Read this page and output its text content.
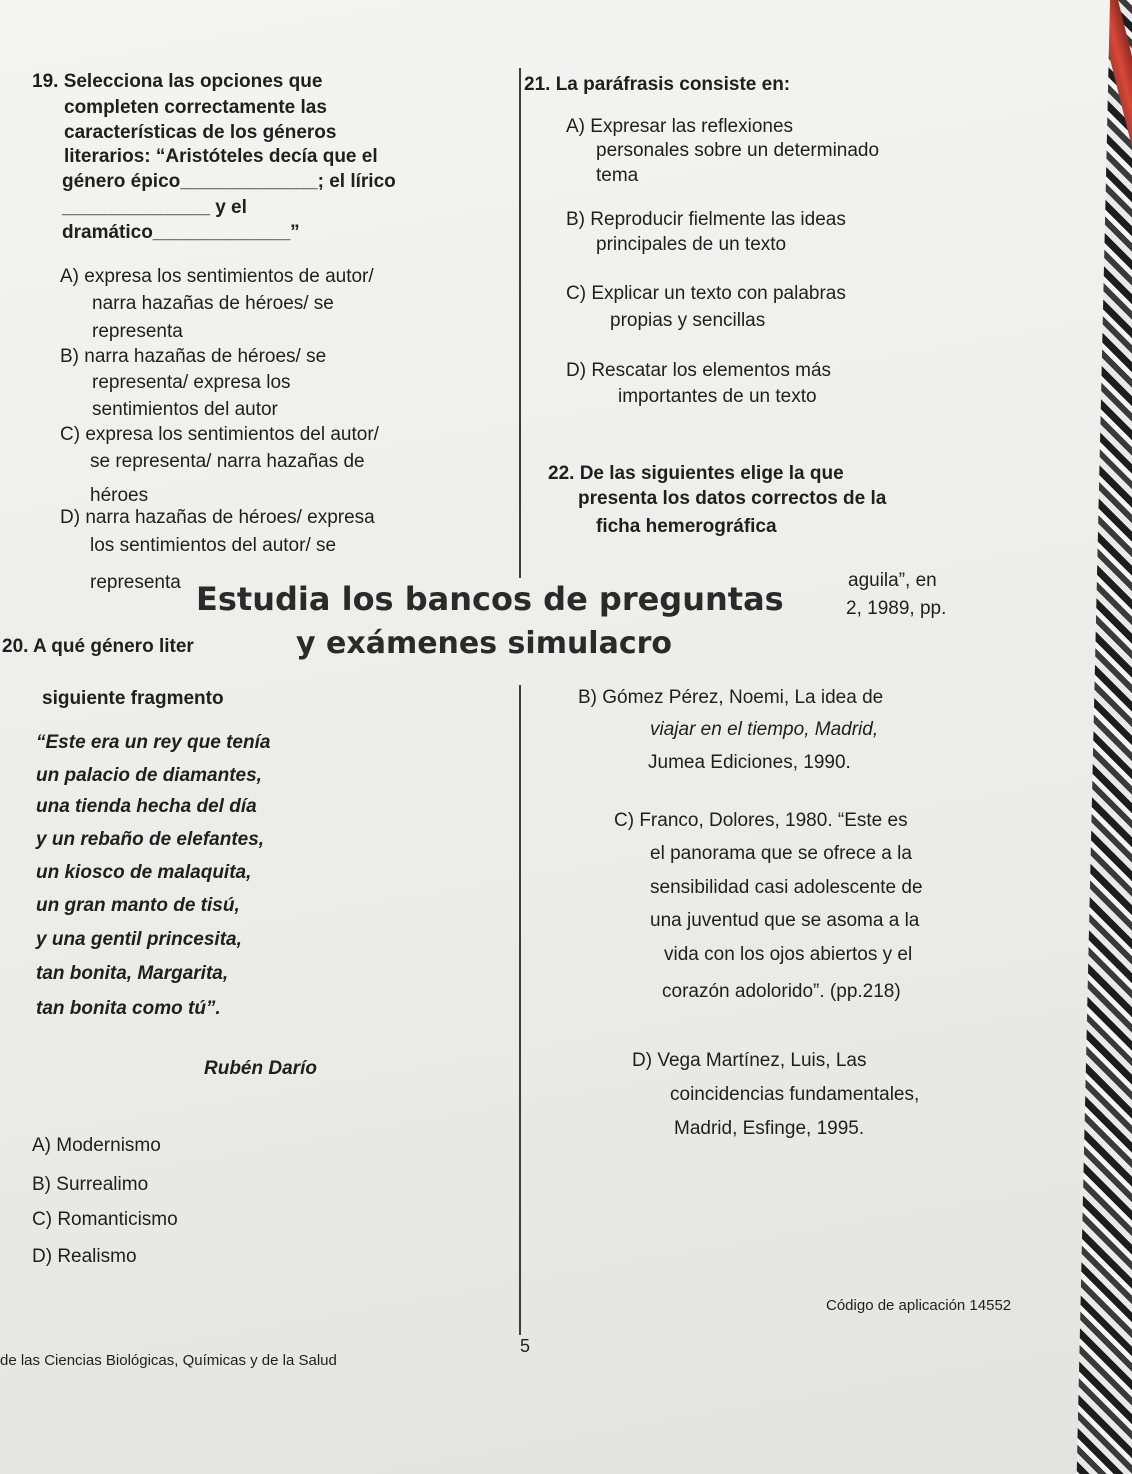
19. Selecciona las opciones que
completen correctamente las
características de los géneros
literarios: “Aristóteles decía que el
género épico_____________; el lírico
______________ y el
dramático_____________”
A) expresa los sentimientos de autor/
narra hazañas de héroes/ se
representa
B) narra hazañas de héroes/ se
representa/ expresa los
sentimientos del autor
C) expresa los sentimientos del autor/
se representa/ narra hazañas de
héroes
D) narra hazañas de héroes/ expresa
los sentimientos del autor/ se
representa
21. La paráfrasis consiste en:
A) Expresar las reflexiones
personales sobre un determinado
tema
B) Reproducir fielmente las ideas
principales de un texto
C) Explicar un texto con palabras
propias y sencillas
D) Rescatar los elementos más
importantes de un texto
22. De las siguientes elige la que
presenta los datos correctos de la
ficha hemerográfica
aguila”, en
2, 1989, pp.
Estudia los bancos de preguntas
y exámenes simulacro
20. A qué género liter
siguiente fragmento
“Este era un rey que tenía
un palacio de diamantes,
una tienda hecha del día
y un rebaño de elefantes,
un kiosco de malaquita,
un gran manto de tisú,
y una gentil princesita,
tan bonita, Margarita,
tan bonita como tú”.
Rubén Darío
A) Modernismo
B) Surrealimo
C) Romanticismo
D) Realismo
B) Gómez Pérez, Noemi, La idea de
viajar en el tiempo, Madrid,
Jumea Ediciones, 1990.
C) Franco, Dolores, 1980. “Este es
el panorama que se ofrece a la
sensibilidad casi adolescente de
una juventud que se asoma a la
vida con los ojos abiertos y el
corazón adolorido”. (pp.218)
D) Vega Martínez, Luis, Las
coincidencias fundamentales,
Madrid, Esfinge, 1995.
de las Ciencias Biológicas, Químicas y de la Salud
5
Código de aplicación 14552
